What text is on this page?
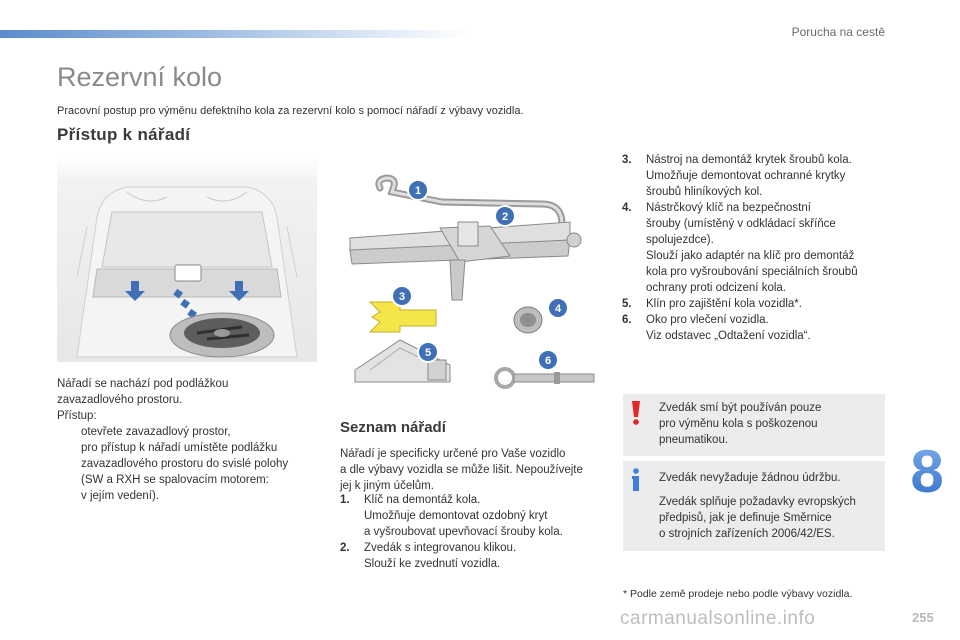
Porucha na cestě
Rezervní kolo
Pracovní postup pro výměnu defektního kola za rezervní kolo s pomocí nářadí z výbavy vozidla.
Přístup k nářadí
1
2
3
4
5
6

Nářadí se nachází pod podlážkou

zavazadlového prostoru.

Přístup:

otevřete zavazadlový prostor,
pro přístup k nářadí umístěte podlážku
zavazadlového prostoru do svislé polohy
(SW a RXH se spalovacím motorem:
v jejím vedení).
Seznam nářadí
Nářadí je specificky určené pro Vaše vozidlo
a dle výbavy vozidla se může lišit. Nepoužívejte
jej k jiným účelům.
1. Klíč na demontáž kola.
Umožňuje demontovat ozdobný kryt
a vyšroubovat upevňovací šrouby kola.
2. Zvedák s integrovanou klikou.
Slouží ke zvednutí vozidla.
3. Nástroj na demontáž krytek šroubů kola.
Umožňuje demontovat ochranné krytky
šroubů hliníkových kol.
4. Nástrčkový klíč na bezpečnostní
šrouby (umístěný v odkládací skříňce
spolujezdce).
Slouží jako adaptér na klíč pro demontáž
kola pro vyšroubování speciálních šroubů
ochrany proti odcizení kola.
5. Klín pro zajištění kola vozidla*.
6. Oko pro vlečení vozidla.
Viz odstavec „Odtažení vozidla“.
Zvedák smí být používán pouze
pro výměnu kola s poškozenou
pneumatikou.

Zvedák nevyžaduje žádnou údržbu.

Zvedák splňuje požadavky evropských
předpisů, jak je definuje Směrnice
o strojních zařízeních 2006/42/ES.
* Podle země prodeje nebo podle výbavy vozidla.
8
carmanualsonline.info	255
